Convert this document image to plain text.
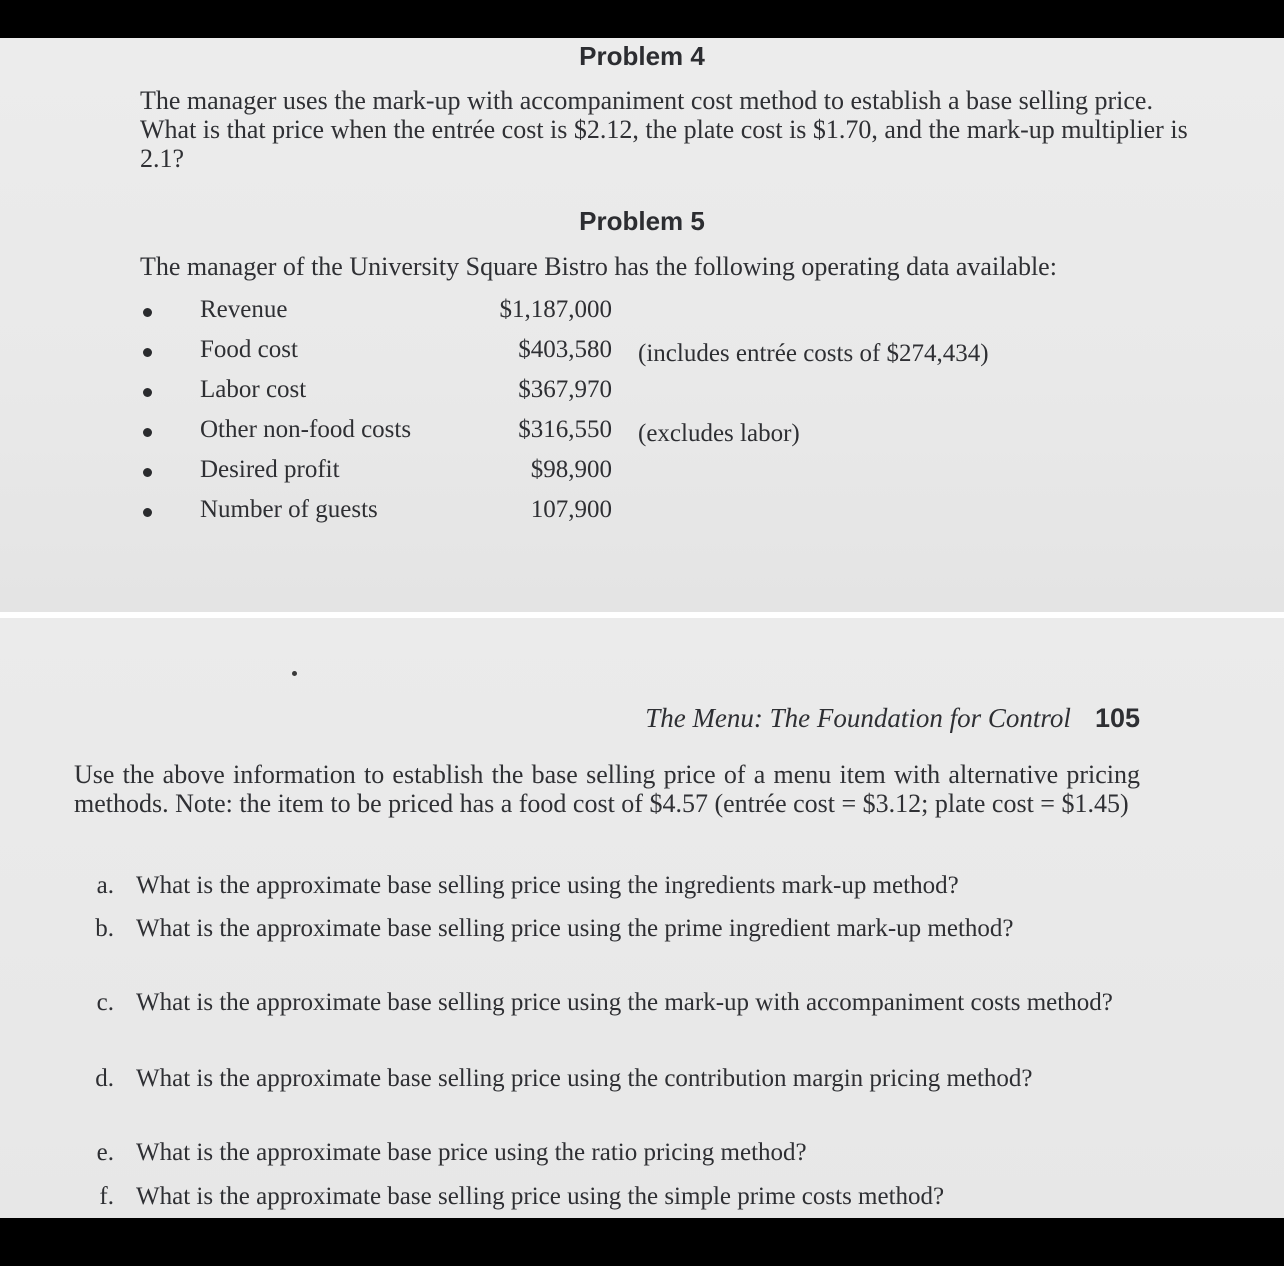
Problem 4
The manager uses the mark-up with accompaniment cost method to establish a base selling price. What is that price when the entrée cost is $2.12, the plate cost is $1.70, and the mark-up multiplier is 2.1?
Problem 5
The manager of the University Square Bistro has the following operating data available:
Revenue	$1,187,000
Food cost	$403,580 (includes entrée costs of $274,434)
Labor cost	$367,970
Other non-food costs	$316,550 (excludes labor)
Desired profit	$98,900
Number of guests	107,900
The Menu: The Foundation for Control 105
Use the above information to establish the base selling price of a menu item with alternative pricing methods. Note: the item to be priced has a food cost of $4.57 (entrée cost = $3.12; plate cost = $1.45)
a. What is the approximate base selling price using the ingredients mark-up method?
b. What is the approximate base selling price using the prime ingredient mark-up method?
c. What is the approximate base selling price using the mark-up with accompaniment costs method?
d. What is the approximate base selling price using the contribution margin pricing method?
e. What is the approximate base price using the ratio pricing method?
f. What is the approximate base selling price using the simple prime costs method?
